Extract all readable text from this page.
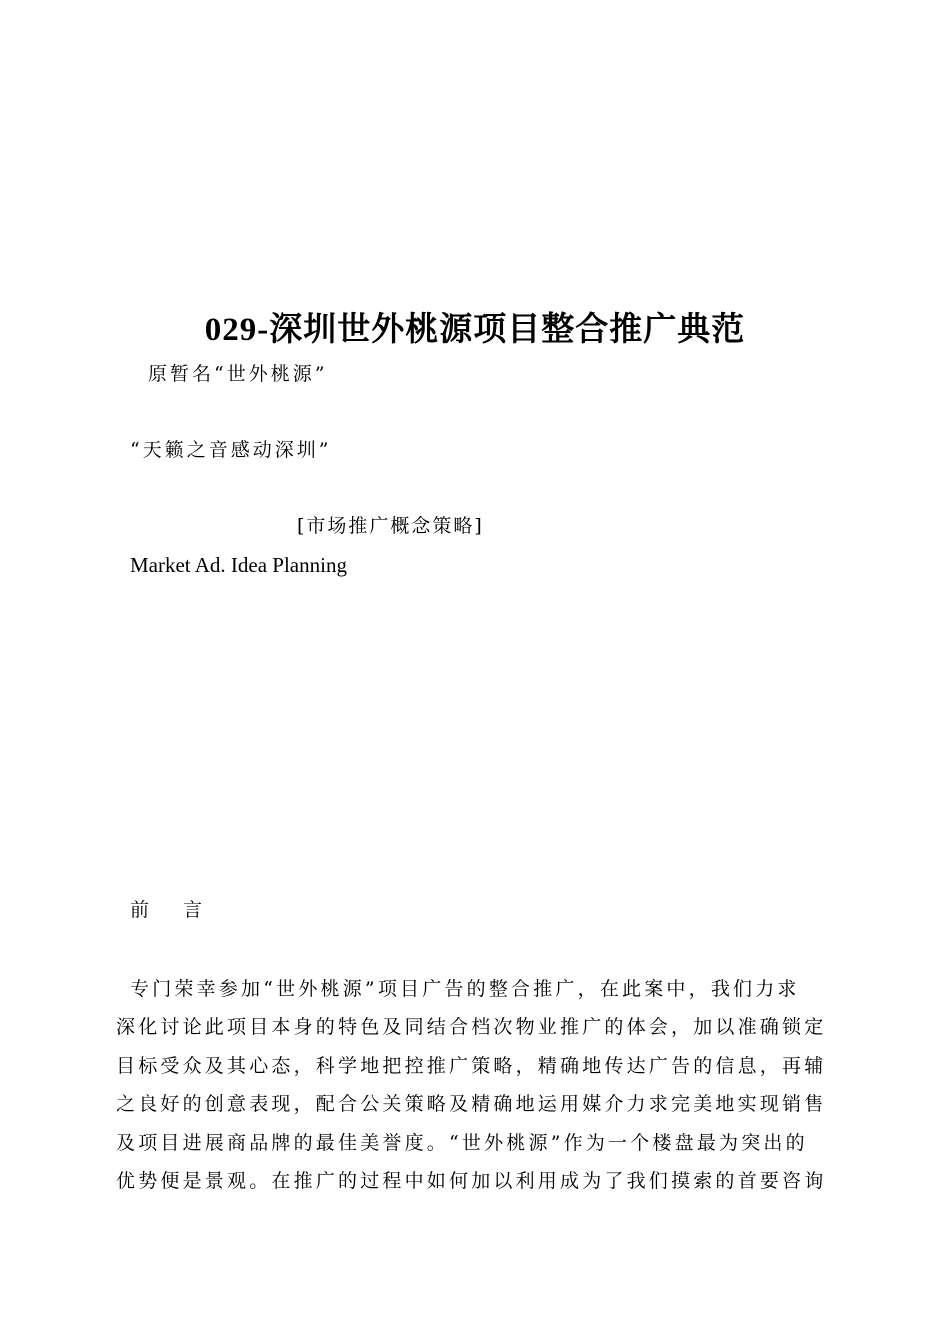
029-深圳世外桃源项目整合推广典范
原暂名“世外桃源”
“天籁之音感动深圳”
[市场推广概念策略]
Market Ad. Idea Planning
前 言
专门荣幸参加“世外桃源”项目广告的整合推广，在此案中，我们力求
深化讨论此项目本身的特色及同结合档次物业推广的体会，加以准确锁定
目标受众及其心态，科学地把控推广策略，精确地传达广告的信息，再辅
之良好的创意表现，配合公关策略及精确地运用媒介力求完美地实现销售
及项目进展商品牌的最佳美誉度。“世外桃源”作为一个楼盘最为突出的
优势便是景观。在推广的过程中如何加以利用成为了我们摸索的首要咨询
